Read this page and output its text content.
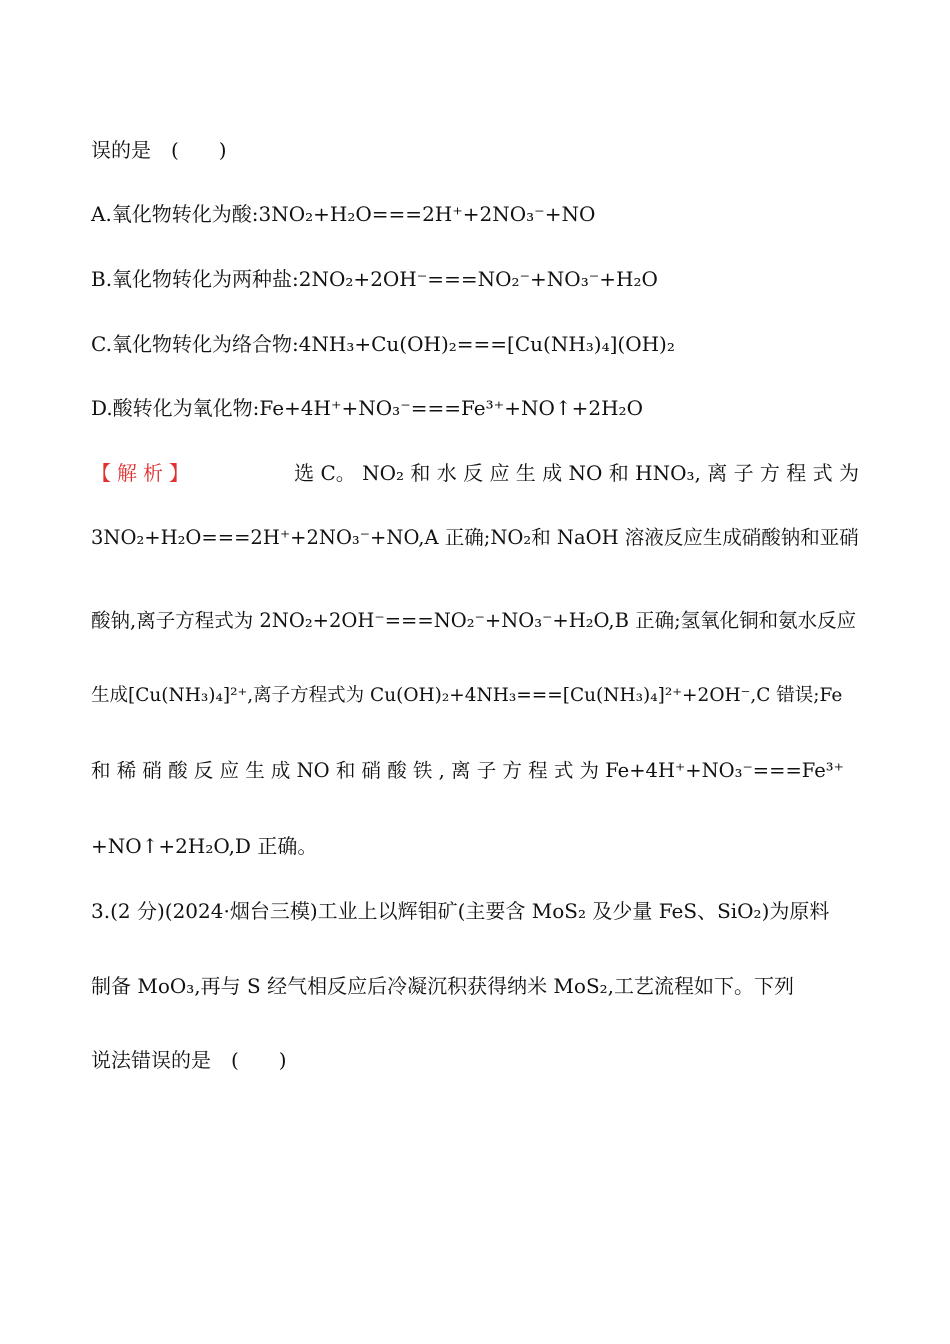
误的是　(　　)
A.氧化物转化为酸:3NO₂+H₂O===2H⁺+2NO₃⁻+NO
B.氧化物转化为两种盐:2NO₂+2OH⁻===NO₂⁻+NO₃⁻+H₂O
C.氧化物转化为络合物:4NH₃+Cu(OH)₂===[Cu(NH₃)₄](OH)₂
D.酸转化为氧化物:Fe+4H⁺+NO₃⁻===Fe³⁺+NO↑+2H₂O
【解析】	选 C。 NO₂ 和 水 反 应 生 成 NO 和 HNO₃, 离 子 方 程 式 为
3NO₂+H₂O===2H⁺+2NO₃⁻+NO,A 正确;NO₂和 NaOH 溶液反应生成硝酸钠和亚硝
酸钠,离子方程式为 2NO₂+2OH⁻===NO₂⁻+NO₃⁻+H₂O,B 正确;氢氧化铜和氨水反应
生成[Cu(NH₃)₄]²⁺,离子方程式为 Cu(OH)₂+4NH₃===[Cu(NH₃)₄]²⁺+2OH⁻,C 错误;Fe
和 稀 硝 酸 反 应 生 成 NO 和 硝 酸 铁 , 离 子 方 程 式 为 Fe+4H⁺+NO₃⁻===Fe³⁺
+NO↑+2H₂O,D 正确。
3.(2 分)(2024·烟台三模)工业上以辉钼矿(主要含 MoS₂ 及少量 FeS、SiO₂)为原料
制备 MoO₃,再与 S 经气相反应后冷凝沉积获得纳米 MoS₂,工艺流程如下。下列
说法错误的是　(　　)
